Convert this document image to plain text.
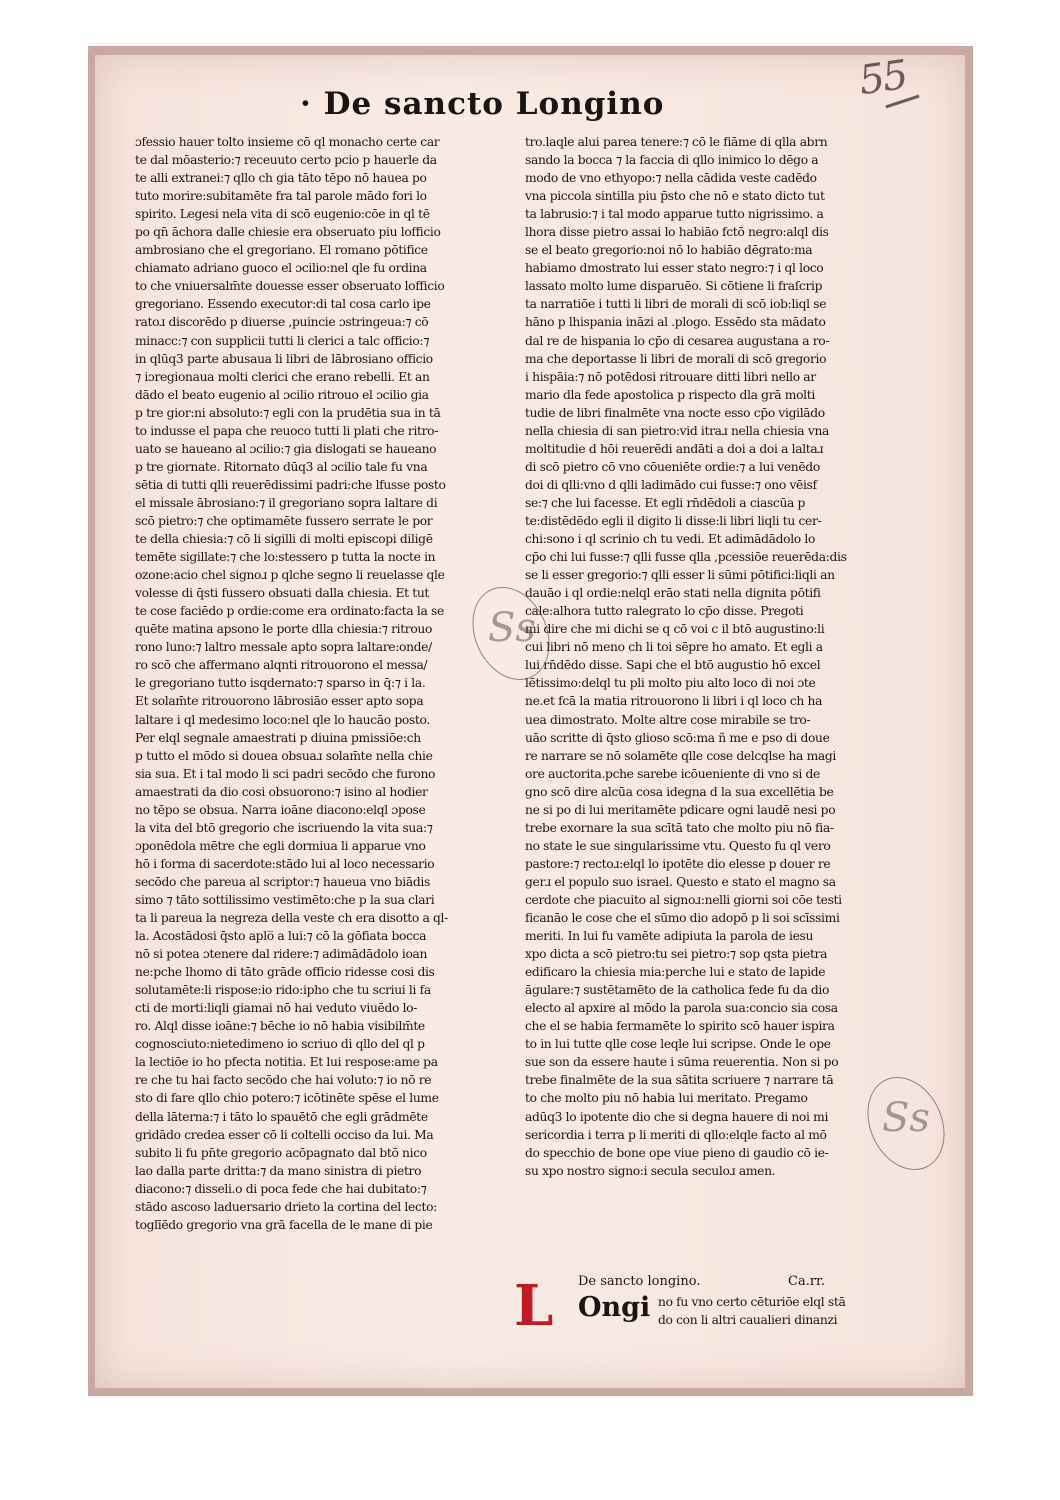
55
· De sancto Longino
ɔfessio hauer tolto insieme cō ql monacho certe car
te dal mōasterio:⁊ receuuto certo pcio p hauerle da
te alli extranei:⁊ qllo ch gia tāto tēpo nō hauea po
tuto morire:subitamēte fra tal parole mādo fori lo
spirito. Legesi nela vita di scō eugenio:cōe in ql tē
po qn̄ āchora dalle chiesie era obseruato piu lofficio
ambrosiano che el gregoriano. El romano pōtifice
chiamato adriano guoco el ɔcilio:nel qle fu ordina
to che vniuersalm̄te douesse esser obseruato lofficio
gregoriano. Essendo executor:di tal cosa carlo ipe
ratoɹ discorēdo p diuerse ,puincie ɔstringeua:⁊ cō
minacc:⁊ con supplicii tutti li clerici a talc officio:⁊
in qlūq3 parte abusaua li libri de lābrosiano officio
⁊ iɔregionaua molti clerici che erano rebelli. Et an
dādo el beato eugenio al ɔcilio ritrouo el ɔcilio gia
p tre gior:ni absoluto:⁊ egli con la prudētia sua in tā
to indusse el papa che reuoco tutti li plati che ritro-
uato se haueano al ɔcilio:⁊ gia dislogati se haueano
p tre giornate. Ritornato dūq3 al ɔcilio tale fu vna
sētia di tutti qlli reuerēdissimi padri:che lfusse posto
el missale ābrosiano:⁊ il gregoriano sopra laltare di
scō pietro:⁊ che optimamēte fussero serrate le por
te della chiesia:⁊ cō li sigilli di molti episcopi diligē
temēte sigillate:⁊ che lo:stessero p tutta la nocte in
ozone:acio chel signoɹ p qlche segno li reuelasse qle
volesse di q̄sti fussero obsuati dalla chiesia. Et tut
te cose faciēdo p ordie:come era ordinato:facta la se
quēte matina apsono le porte dlla chiesia:⁊ ritrouo
rono luno:⁊ laltro messale apto sopra laltare:onde/
ro scō che affermano alqnti ritrouorono el messa/
le gregoriano tutto isqdernato:⁊ sparso in q̄:⁊ i la.
Et solam̄te ritrouorono lābrosiāo esser apto sopa
laltare i ql medesimo loco:nel qle lo haucāo posto.
Per elql segnale amaestrati p diuina pmissiōe:ch
p tutto el mōdo si douea obsuaɹ solam̄te nella chie
sia sua. Et i tal modo li sci padri secōdo che furono
amaestrati da dio cosi obsuorono:⁊ isino al hodier
no tēpo se obsua. Narra ioāne diacono:elql ɔpose
la vita del btō gregorio che iscriuendo la vita sua:⁊
ɔponēdola mētre che egli dormiua li apparue vno
hō i forma di sacerdote:stādo lui al loco necessario
secōdo che pareua al scriptor:⁊ haueua vno biādis
simo ⁊ tāto sottilissimo vestimēto:che p la sua clari
ta li pareua la negreza della veste ch era disotto a ql-
la. Acostādosi q̄sto aplo̅ a lui:⁊ cō la gōfiata bocca
nō si potea ɔtenere dal ridere:⁊ adimādādolo ioan
ne:pche lhomo di tāto grāde officio ridesse cosi dis
solutamēte:li rispose:io rido:ipho che tu scriui li fa
cti de morti:liqli giamai nō hai veduto viuēdo lo-
ro. Alql disse ioāne:⁊ bēche io nō habia visibilm̄te
cognosciuto:nietedimeno io scriuo di qllo del ql p
la lectiōe io ho pfecta notitia. Et lui respose:ame pa
re che tu hai facto secōdo che hai voluto:⁊ io nō re
sto di fare qllo chio potero:⁊ icōtinēte spēse el lume
della lāterna:⁊ i tāto lo spauētō che egli grādmēte
gridādo credea esser cō li coltelli occiso da lui. Ma
subito li fu pn̄te gregorio acōpagnato dal btō nico
lao dalla parte dritta:⁊ da mano sinistra di pietro
diacono:⁊ disseli.o di poca fede che hai dubitato:⁊
stādo ascoso laduersario drieto la cortina del lecto:
toglīēdo gregorio vna grā facella de le mane di pie
tro.laqle alui parea tenere:⁊ cō le fiāme di qlla abrn
sando la bocca ⁊ la faccia di qllo inimico lo dēgo a
modo de vno ethyopo:⁊ nella cādida veste cadēdo
vna piccola sintilla piu p̄sto che nō e stato dicto tut
ta labrusio:⁊ i tal modo apparue tutto nigrissimo. a
lhora disse pietro assai lo habiāo fctō negro:alql dis
se el beato gregorio:noi nō lo habiāo dēgrato:ma
habiamo dmostrato lui esser stato negro:⁊ i ql loco
lassato molto lume disparuēo. Si cōtiene li fraſcrip
ta narratiōe i tutti li libri de morali di scō iob:liql se
hāno p lhispania ināzi al .plogo. Essēdo sta mādato
dal re de hispania lo cp̄o di cesarea augustana a ro-
ma che deportasse li libri de morali di scō gregorio
i hispāia:⁊ nō potēdosi ritrouare ditti libri nello ar
mario dla fede apostolica p rispecto dla grā molti
tudie de libri finalmēte vna nocte esso cp̄o vigilādo
nella chiesia di san pietro:vid itraɹ nella chiesia vna
moltitudie d hōi reuerēdi andāti a doi a doi a laltaɹ
di scō pietro cō vno cōueniēte ordie:⁊ a lui venēdo
doi di qlli:vno d qlli ladimādo cui fusse:⁊ ono vēisf
se:⁊ che lui facesse. Et egli rn̄dēdoli a ciascūa p
te:distēdēdo egli il digito li disse:li libri liqli tu cer-
chi:sono i ql scrinio ch tu vedi. Et adimādādolo lo
cp̄o chi lui fusse:⁊ qlli fusse qlla ,pcessiōe reuerēda:dis
se li esser gregorio:⁊ qlli esser li sūmi pōtifici:liqli an
dauāo i ql ordie:nelql erāo stati nella dignita pōtifi
cale:alhora tutto ralegrato lo cp̄o disse. Pregoti
mi dire che mi dichi se q cō voi c il btō augustino:li
cui libri nō meno ch li toi sēpre ho amato. Et egli a
lui rn̄dēdo disse. Sapi che el btō augustio hō excel
lētissimo:delql tu pli molto piu alto loco di noi ɔte
ne.et fcā la matia ritrouorono li libri i ql loco ch ha
uea dimostrato. Molte altre cose mirabile se tro-
uāo scritte di q̄sto glioso scō:ma ñ me e pso di doue
re narrare se nō solamēte qlle cose delcqlse ha magi
ore auctorita.pche sarebe icōueniente di vno si de
gno scō dire alcūa cosa idegna d la sua excellētia be
ne si po di lui meritamēte pdicare ogni laudē nesi po
trebe exornare la sua scītā tato che molto piu nō fia-
no state le sue singularissime vtu. Questo fu ql vero
pastore:⁊ rectoɹ:elql lo ipotēte dio elesse p douer re
gerɹ el populo suo israel. Questo e stato el magno sa
cerdote che piacuito al signoɹ:nelli giorni soi cōe testi
ficanāo le cose che el sūmo dio adopō p li soi scīssimi
meriti. In lui fu vamēte adipiuta la parola de iesu
xpo dicta a scō pietro:tu sei pietro:⁊ sop qsta pietra
edificaro la chiesia mia:perche lui e stato de lapide
āgulare:⁊ sustētamēto de la catholica fede fu da dio
electo al apxire al mōdo la parola sua:concio sia cosa
che el se habia fermamēte lo spirito scō hauer ispira
to in lui tutte qlle cose leqle lui scripse. Onde le ope
sue son da essere haute i sūma reuerentia. Non si po
trebe finalmēte de la sua sātita scriuere ⁊ narrare tā
to che molto piu nō habia lui meritato. Pregamo
adūq3 lo ipotente dio che si degna hauere di noi mi
sericordia i terra p li meriti di qllo:elqle facto al mō
do specchio de bone ope viue pieno di gaudio cō ie-
su xpo nostro signo:i secula seculoɹ amen.
De sancto longino.	Ca.rr.
L Ongi no fu vno certo cēturiōe elql stā
do con li altri caualieri dinanzi
Ss
Ss
